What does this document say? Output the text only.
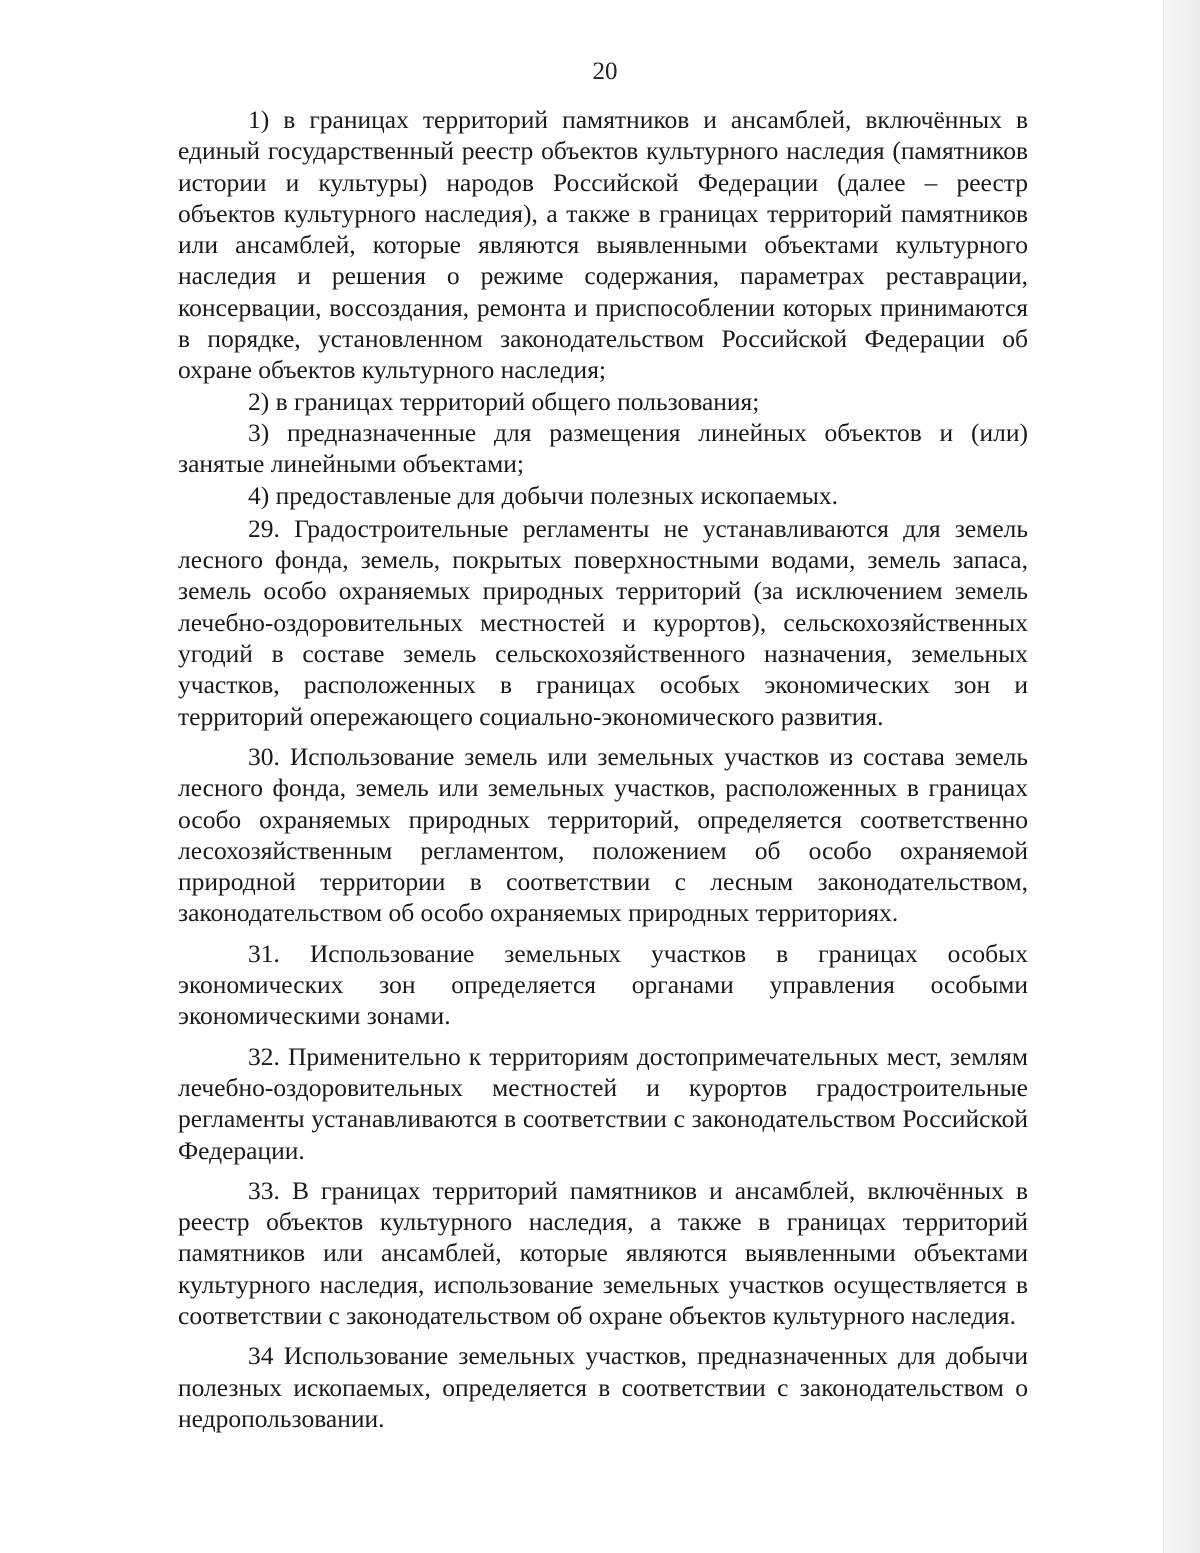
20

1) в границах территорий памятников и ансамблей, включённых в единый государственный реестр объектов культурного наследия (памятников истории и культуры) народов Российской Федерации (далее – реестр объектов культурного наследия), а также в границах территорий памятников или ансамблей, которые являются выявленными объектами культурного наследия и решения о режиме содержания, параметрах реставрации, консервации, воссоздания, ремонта и приспособлении которых принимаются в порядке, установленном законодательством Российской Федерации об охране объектов культурного наследия;

2) в границах территорий общего пользования;

3) предназначенные для размещения линейных объектов и (или) занятые линейными объектами;

4) предоставленые для добычи полезных ископаемых.

29. Градостроительные регламенты не устанавливаются для земель лесного фонда, земель, покрытых поверхностными водами, земель запаса, земель особо охраняемых природных территорий (за исключением земель лечебно-оздоровительных местностей и курортов), сельскохозяйственных угодий в составе земель сельскохозяйственного назначения, земельных участков, расположенных в границах особых экономических зон и территорий опережающего социально-экономического развития.

30. Использование земель или земельных участков из состава земель лесного фонда, земель или земельных участков, расположенных в границах особо охраняемых природных территорий, определяется соответственно лесохозяйственным регламентом, положением об особо охраняемой природной территории в соответствии с лесным законодательством, законодательством об особо охраняемых природных территориях.

31. Использование земельных участков в границах особых экономических зон определяется органами управления особыми экономическими зонами.

32. Применительно к территориям достопримечательных мест, землям лечебно-оздоровительных местностей и курортов градостроительные регламенты устанавливаются в соответствии с законодательством Российской Федерации.

33. В границах территорий памятников и ансамблей, включённых в реестр объектов культурного наследия, а также в границах территорий памятников или ансамблей, которые являются выявленными объектами культурного наследия, использование земельных участков осуществляется в соответствии с законодательством об охране объектов культурного наследия.

34 Использование земельных участков, предназначенных для добычи полезных ископаемых, определяется в соответствии с законодательством о недропользовании.
